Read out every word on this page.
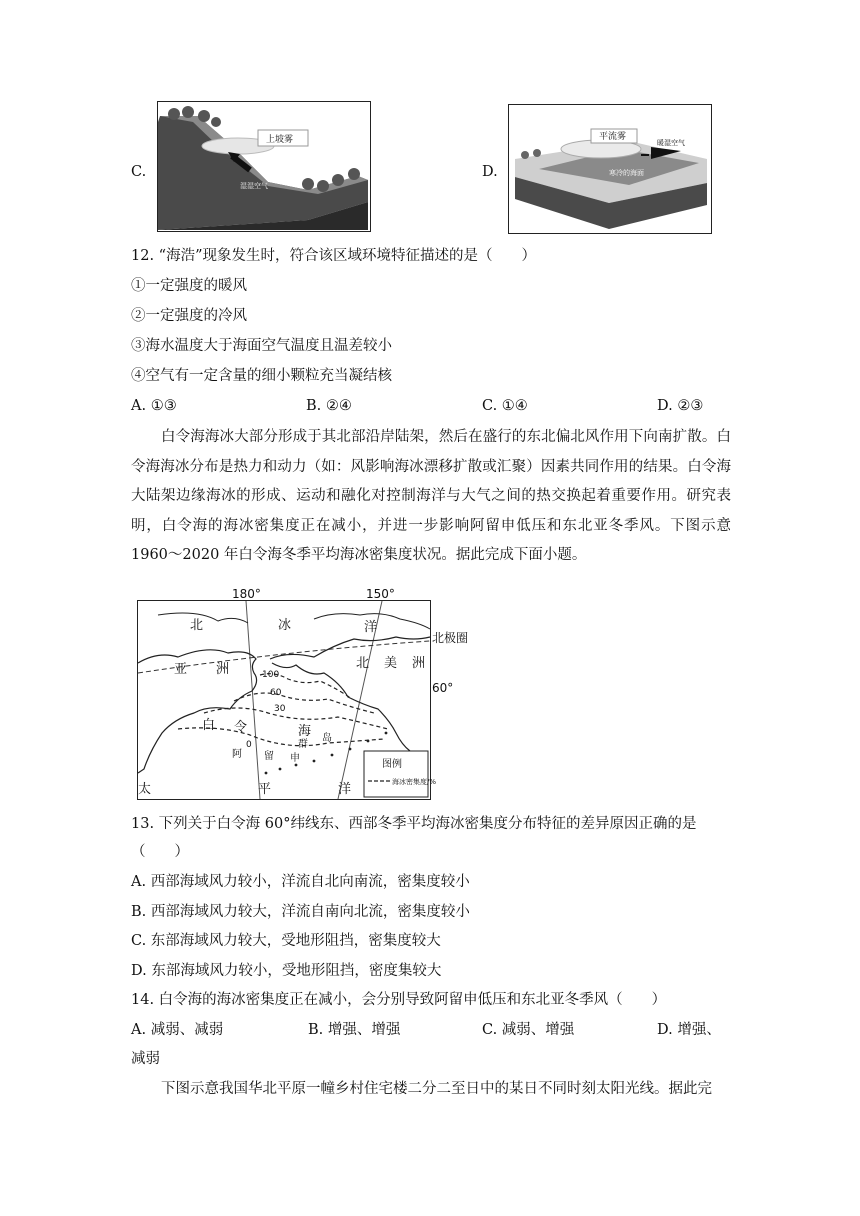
C.
上坡雾
湿湿空气
D.	寒冷的海面
平流雾
暖湿空气
12. “海浩”现象发生时，符合该区域环境特征描述的是（　　）
①一定强度的暖风
②一定强度的冷风
③海水温度大于海面空气温度且温差较小
④空气有一定含量的细小颗粒充当凝结核
A. ①③	B. ②④	C. ①④	D. ②③
白令海海冰大部分形成于其北部沿岸陆架，然后在盛行的东北偏北风作用下向南扩散。白令海海冰分布是热力和动力（如：风影响海冰漂移扩散或汇聚）因素共同作用的结果。白令海大陆架边缘海冰的形成、运动和融化对控制海洋与大气之间的热交换起着重要作用。研究表明，白令海的海冰密集度正在减小，并进一步影响阿留申低压和东北亚冬季风。下图示意 1960～2020 年白令海冬季平均海冰密集度状况。据此完成下面小题。
北	冰	洋
亚 洲	北 美 洲
白 令	海
太	平	洋
阿 留 申
群
岛
100
60
30
0
图例
海冰密集度/%
180°	150°
北极圈
60°
13. 下列关于白令海 60°纬线东、西部冬季平均海冰密集度分布特征的差异原因正确的是
（　　）
A. 西部海域风力较小，洋流自北向南流，密集度较小
B. 西部海域风力较大，洋流自南向北流，密集度较小
C. 东部海域风力较大，受地形阻挡，密集度较大
D. 东部海域风力较小，受地形阻挡，密度集较大
14. 白令海的海冰密集度正在减小，会分别导致阿留申低压和东北亚冬季风（　　）
A. 减弱、减弱	B. 增强、增强	C. 减弱、增强	D. 增强、
减弱
下图示意我国华北平原一幢乡村住宅楼二分二至日中的某日不同时刻太阳光线。据此完
